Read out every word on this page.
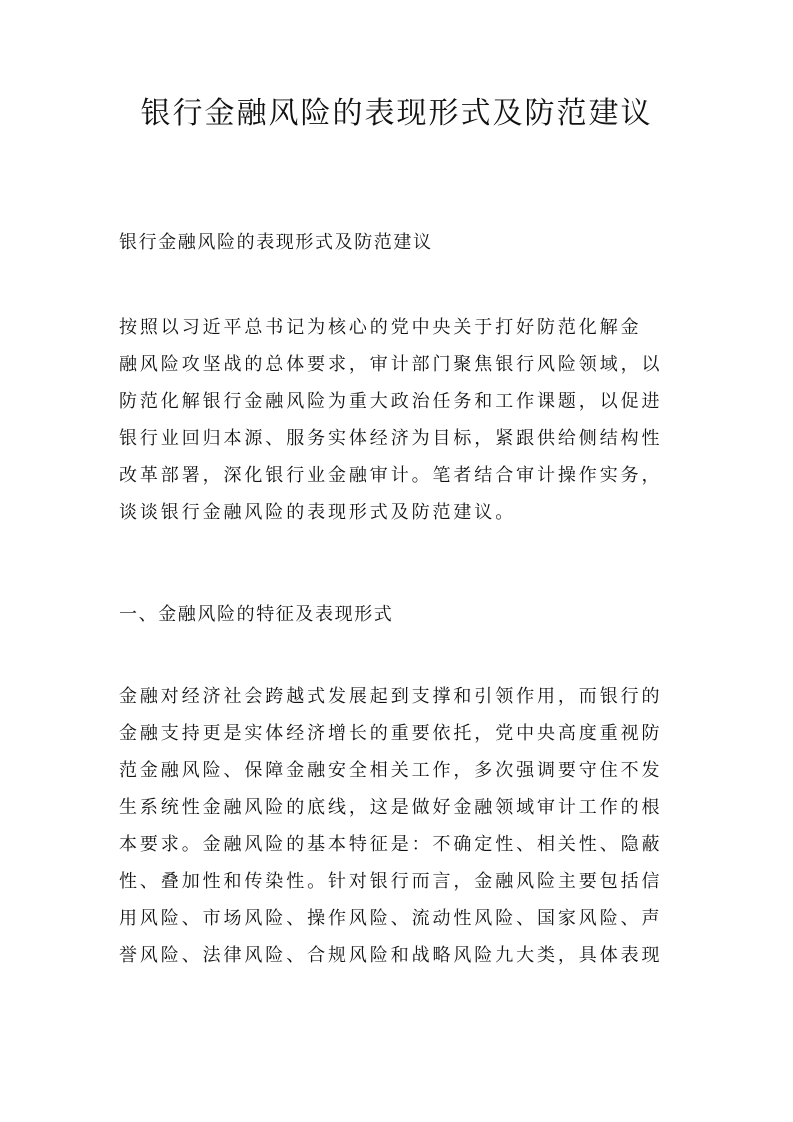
银行金融风险的表现形式及防范建议
银行金融风险的表现形式及防范建议
按照以习近平总书记为核心的党中央关于打好防范化解金
融风险攻坚战的总体要求，审计部门聚焦银行风险领域，以
防范化解银行金融风险为重大政治任务和工作课题，以促进
银行业回归本源、服务实体经济为目标，紧跟供给侧结构性
改革部署，深化银行业金融审计。笔者结合审计操作实务，
谈谈银行金融风险的表现形式及防范建议。
一、金融风险的特征及表现形式
金融对经济社会跨越式发展起到支撑和引领作用，而银行的
金融支持更是实体经济增长的重要依托，党中央高度重视防
范金融风险、保障金融安全相关工作，多次强调要守住不发
生系统性金融风险的底线，这是做好金融领域审计工作的根
本要求。金融风险的基本特征是：不确定性、相关性、隐蔽
性、叠加性和传染性。针对银行而言，金融风险主要包括信
用风险、市场风险、操作风险、流动性风险、国家风险、声
誉风险、法律风险、合规风险和战略风险九大类，具体表现
